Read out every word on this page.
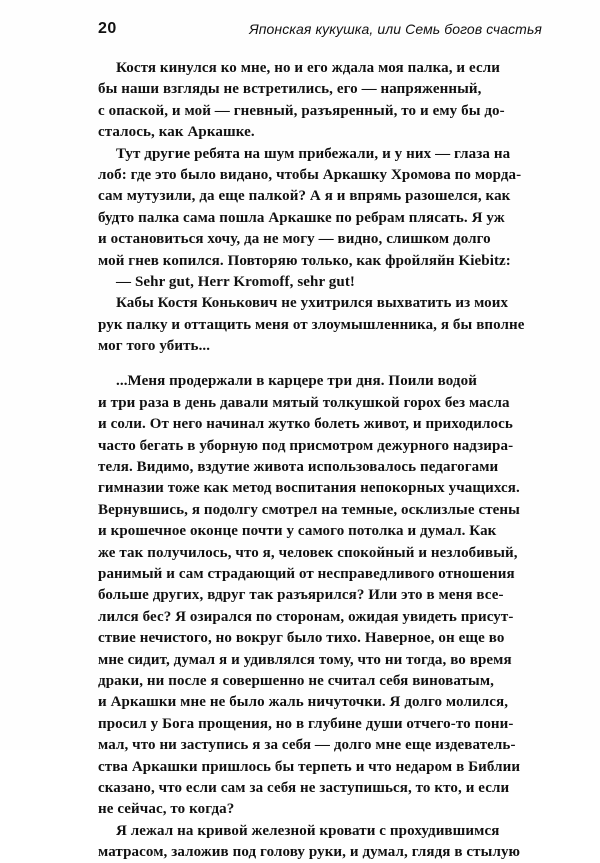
20	Японская кукушка, или Семь богов счастья
Костя кинулся ко мне, но и его ждала моя палка, и если
бы наши взгляды не встретились, его — напряженный,
с опаской, и мой — гневный, разъяренный, то и ему бы до-
сталось, как Аркашке.
Тут другие ребята на шум прибежали, и у них — глаза на
лоб: где это было видано, чтобы Аркашку Хромова по морда-
сам мутузили, да еще палкой? А я и впрямь разошелся, как
будто палка сама пошла Аркашке по ребрам плясать. Я уж
и остановиться хочу, да не могу — видно, слишком долго
мой гнев копился. Повторяю только, как фройляйн Kiebitz:
— Sehr gut, Herr Kromoff, sehr gut!
Кабы Костя Конькович не ухитрился выхватить из моих
рук палку и оттащить меня от злоумышленника, я бы вполне
мог того убить...
...Меня продержали в карцере три дня. Поили водой
и три раза в день давали мятый толкушкой горох без масла
и соли. От него начинал жутко болеть живот, и приходилось
часто бегать в уборную под присмотром дежурного надзира-
теля. Видимо, вздутие живота использовалось педагогами
гимназии тоже как метод воспитания непокорных учащихся.
Вернувшись, я подолгу смотрел на темные, осклизлые стены
и крошечное оконце почти у самого потолка и думал. Как
же так получилось, что я, человек спокойный и незлобивый,
ранимый и сам страдающий от несправедливого отношения
больше других, вдруг так разъярился? Или это в меня все-
лился бес? Я озирался по сторонам, ожидая увидеть присут-
ствие нечистого, но вокруг было тихо. Наверное, он еще во
мне сидит, думал я и удивлялся тому, что ни тогда, во время
драки, ни после я совершенно не считал себя виноватым,
и Аркашки мне не было жаль ничуточки. Я долго молился,
просил у Бога прощения, но в глубине души отчего-то пони-
мал, что ни заступись я за себя — долго мне еще издеватель-
ства Аркашки пришлось бы терпеть и что недаром в Библии
сказано, что если сам за себя не заступишься, то кто, и если
не сейчас, то когда?
Я лежал на кривой железной кровати с прохудившимся
матрасом, заложив под голову руки, и думал, глядя в стылую
